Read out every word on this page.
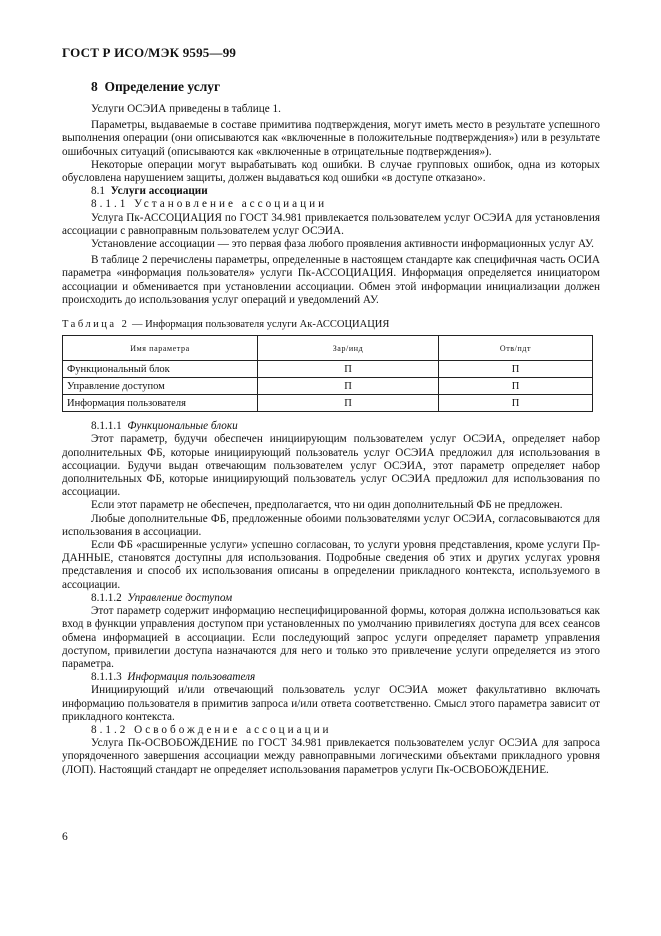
ГОСТ Р ИСО/МЭК 9595—99
8 Определение услуг

Услуги ОСЭИА приведены в таблице 1.

Параметры, выдаваемые в составе примитива подтверждения, могут иметь место в результате успешного выполнения операции (они описываются как «включенные в положительные подтверждения») или в результате ошибочных ситуаций (описываются как «включенные в отрицательные подтверждения»).

Некоторые операции могут вырабатывать код ошибки. В случае групповых ошибок, одна из которых обусловлена нарушением защиты, должен выдаваться код ошибки «в доступе отказано».

8.1 Услуги ассоциации

8.1.1 Установление ассоциации

Услуга Пк-АССОЦИАЦИЯ по ГОСТ 34.981 привлекается пользователем услуг ОСЭИА для установления ассоциации с равноправным пользователем услуг ОСЭИА.

Установление ассоциации — это первая фаза любого проявления активности информационных услуг АУ.

В таблице 2 перечислены параметры, определенные в настоящем стандарте как специфичная часть ОСИА параметра «информация пользователя» услуги Пк-АССОЦИАЦИЯ. Информация определяется инициатором ассоциации и обменивается при установлении ассоциации. Обмен этой информации инициализации должен происходить до использования услуг операций и уведомлений АУ.

Таблица 2 — Информация пользователя услуги Ак-АССОЦИАЦИЯ

Имя параметра	Зар/инд	Отв/пдт
Функциональный блок	П	П
Управление доступом	П	П
Информация пользователя	П	П

8.1.1.1 Функциональные блоки

Этот параметр, будучи обеспечен инициирующим пользователем услуг ОСЭИА, определяет набор дополнительных ФБ, которые инициирующий пользователь услуг ОСЭИА предложил для использования в ассоциации. Будучи выдан отвечающим пользователем услуг ОСЭИА, этот параметр определяет набор дополнительных ФБ, которые инициирующий пользователь услуг ОСЭИА предложил для использования по ассоциации.

Если этот параметр не обеспечен, предполагается, что ни один дополнительный ФБ не предложен.

Любые дополнительные ФБ, предложенные обоими пользователями услуг ОСЭИА, согласовываются для использования в ассоциации.

Если ФБ «расширенные услуги» успешно согласован, то услуги уровня представления, кроме услуги Пр-ДАННЫЕ, становятся доступны для использования. Подробные сведения об этих и других услугах уровня представления и способ их использования описаны в определении прикладного контекста, используемого в ассоциации.

8.1.1.2 Управление доступом

Этот параметр содержит информацию неспецифицированной формы, которая должна использоваться как вход в функции управления доступом при установленных по умолчанию привилегиях доступа для всех сеансов обмена информацией в ассоциации. Если последующий запрос услуги определяет параметр управления доступом, привилегии доступа назначаются для него и только это привлечение услуги определяется из этого параметра.

8.1.1.3 Информация пользователя

Инициирующий и/или отвечающий пользователь услуг ОСЭИА может факультативно включать информацию пользователя в примитив запроса и/или ответа соответственно. Смысл этого параметра зависит от прикладного контекста.

8.1.2 Освобождение ассоциации

Услуга Пк-ОСВОБОЖДЕНИЕ по ГОСТ 34.981 привлекается пользователем услуг ОСЭИА для запроса упорядоченного завершения ассоциации между равноправными логическими объектами прикладного уровня (ЛОП). Настоящий стандарт не определяет использования параметров услуги Пк-ОСВОБОЖДЕНИЕ.

6
